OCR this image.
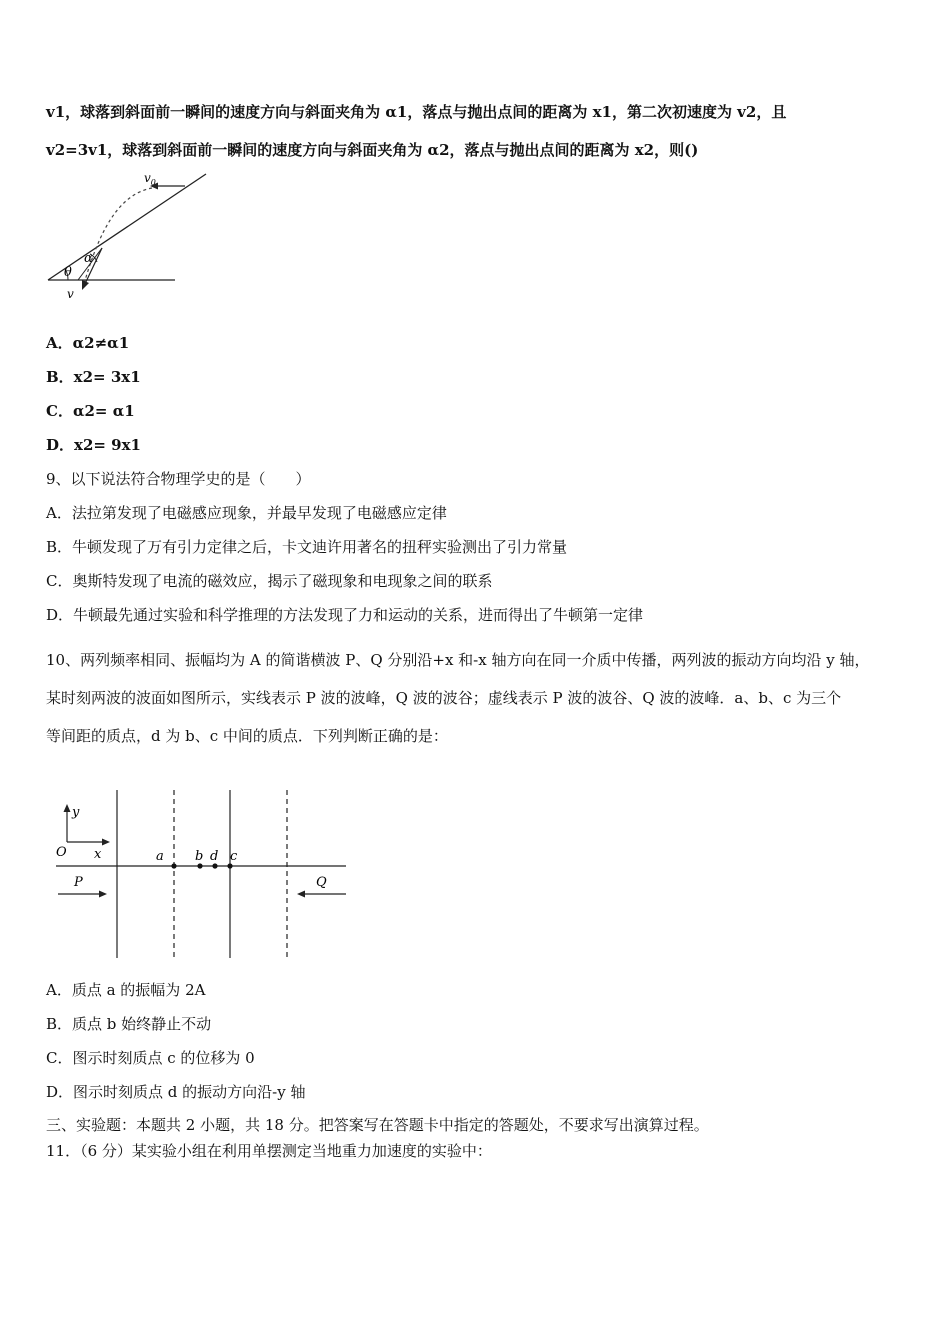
v1，球落到斜面前一瞬间的速度方向与斜面夹角为 α1，落点与抛出点间的距离为 x1，第二次初速度为 v2，且
v2=3v1，球落到斜面前一瞬间的速度方向与斜面夹角为 α2，落点与抛出点间的距离为 x2，则()
$v_0$
α
θ
v
A．α2≠α1
B．x2= 3x1
C．α2= α1
D．x2= 9x1
9、以下说法符合物理学史的是（　　）
A．法拉第发现了电磁感应现象，并最早发现了电磁感应定律
B．牛顿发现了万有引力定律之后，卡文迪许用著名的扭秤实验测出了引力常量
C．奥斯特发现了电流的磁效应，揭示了磁现象和电现象之间的联系
D．牛顿最先通过实验和科学推理的方法发现了力和运动的关系，进而得出了牛顿第一定律
10、两列频率相同、振幅均为 A 的简谐横波 P、Q 分别沿+x 和-x 轴方向在同一介质中传播，两列波的振动方向均沿 y 轴，
某时刻两波的波面如图所示，实线表示 P 波的波峰，Q 波的波谷；虚线表示 P 波的波谷、Q 波的波峰．a、b、c 为三个
等间距的质点，d 为 b、c 中间的质点．下列判断正确的是：
y
x
O	a b d c
P	Q
A．质点 a 的振幅为 2A
B．质点 b 始终静止不动
C．图示时刻质点 c 的位移为 0
D．图示时刻质点 d 的振动方向沿-y 轴
三、实验题：本题共 2 小题，共 18 分。把答案写在答题卡中指定的答题处，不要求写出演算过程。
11．（6 分）某实验小组在利用单摆测定当地重力加速度的实验中：
